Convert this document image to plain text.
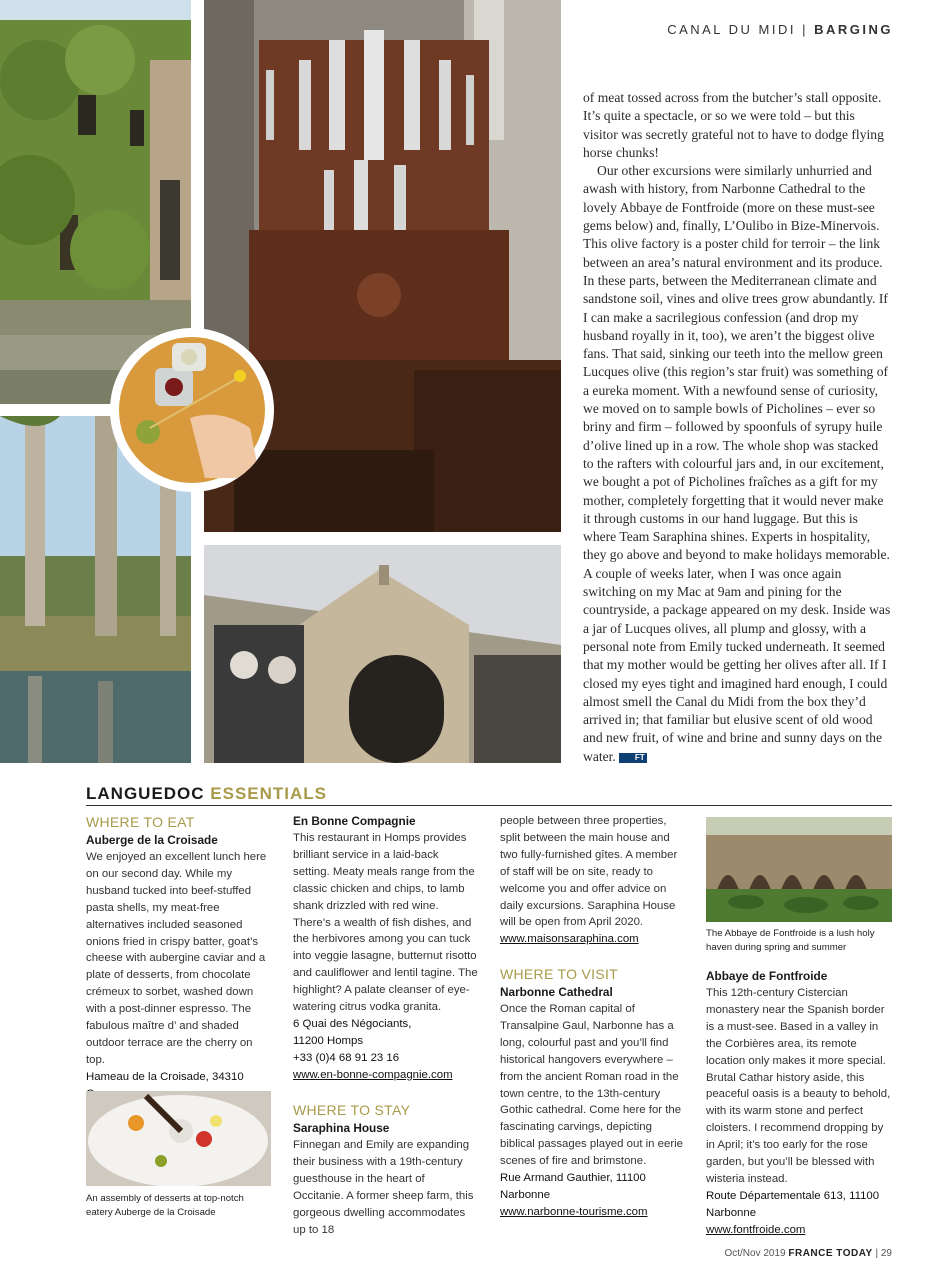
CANAL DU MIDI | BARGING

of meat tossed across from the butcher’s stall opposite. It’s quite a spectacle, or so we were told – but this visitor was secretly grateful not to have to dodge flying horse chunks!

Our other excursions were similarly unhurried and awash with history, from Narbonne Cathedral to the lovely Abbaye de Fontfroide (more on these must-see gems below) and, finally, L’Oulibo in Bize-Minervois. This olive factory is a poster child for terroir – the link between an area’s natural environment and its produce. In these parts, between the Mediterranean climate and sandstone soil, vines and olive trees grow abundantly. If I can make a sacrilegious confession (and drop my husband royally in it, too), we aren’t the biggest olive fans. That said, sinking our teeth into the mellow green Lucques olive (this region’s star fruit) was something of a eureka moment. With a newfound sense of curiosity, we moved on to sample bowls of Picholines – ever so briny and firm – followed by spoonfuls of syrupy huile d’olive lined up in a row. The whole shop was stacked to the rafters with colourful jars and, in our excitement, we bought a pot of Picholines fraîches as a gift for my mother, completely forgetting that it would never make it through customs in our hand luggage. But this is where Team Saraphina shines. Experts in hospitality, they go above and beyond to make holidays memorable. A couple of weeks later, when I was once again switching on my Mac at 9am and pining for the countryside, a package appeared on my desk. Inside was a jar of Lucques olives, all plump and glossy, with a personal note from Emily tucked underneath. It seemed that my mother would be getting her olives after all. If I closed my eyes tight and imagined hard enough, I could almost smell the Canal du Midi from the box they’d arrived in; that familiar but elusive scent of old wood and new fruit, of wine and brine and sunny days on the water. FT

LANGUEDOC ESSENTIALS

WHERE TO EAT

Auberge de la Croisade

We enjoyed an excellent lunch here on our second day. While my husband tucked into beef-stuffed pasta shells, my meat-free alternatives included seasoned onions fried in crispy batter, goat’s cheese with aubergine caviar and a plate of desserts, from chocolate crémeux to sorbet, washed down with a post-dinner espresso. The fabulous maître d’ and shaded outdoor terrace are the cherry on top.

Hameau de la Croisade, 34310

An assembly of desserts at top-notch eatery Auberge de la Croisade

En Bonne Compagnie

This restaurant in Homps provides brilliant service in a laid-back setting. Meaty meals range from the classic chicken and chips, to lamb shank drizzled with red wine. There’s a wealth of fish dishes, and the herbivores among you can tuck into veggie lasagne, butternut risotto and cauliflower and lentil tagine. The highlight? A palate cleanser of eye-watering citrus vodka granita.

6 Quai des Négociants,

11200 Homps

+33 (0)4 68 91 23 16

www.en-bonne-compagnie.com

WHERE TO STAY

Saraphina House

Finnegan and Emily are expanding their business with a 19th-century guesthouse in the heart of Occitanie. A former sheep farm, this gorgeous dwelling accommodates up to 18

people between three properties, split between the main house and two fully-furnished gîtes. A member of staff will be on site, ready to welcome you and offer advice on daily excursions. Saraphina House will be open from April 2020.

www.maisonsaraphina.com

WHERE TO VISIT

Narbonne Cathedral

Once the Roman capital of Transalpine Gaul, Narbonne has a long, colourful past and you’ll find historical hangovers everywhere – from the ancient Roman road in the town centre, to the 13th-century Gothic cathedral. Come here for the fascinating carvings, depicting biblical passages played out in eerie scenes of fire and brimstone.

Rue Armand Gauthier, 11100

Narbonne

www.narbonne-tourisme.com

The Abbaye de Fontfroide is a lush holy haven during spring and summer

Abbaye de Fontfroide

This 12th-century Cistercian monastery near the Spanish border is a must-see. Based in a valley in the Corbières area, its remote location only makes it more special. Brutal Cathar history aside, this peaceful oasis is a beauty to behold, with its warm stone and perfect cloisters. I recommend dropping by in April; it’s too early for the rose garden, but you’ll be blessed with wisteria instead.

Route Départementale 613, 11100

Narbonne

www.fontfroide.com

Oct/Nov 2019 FRANCE TODAY | 29
